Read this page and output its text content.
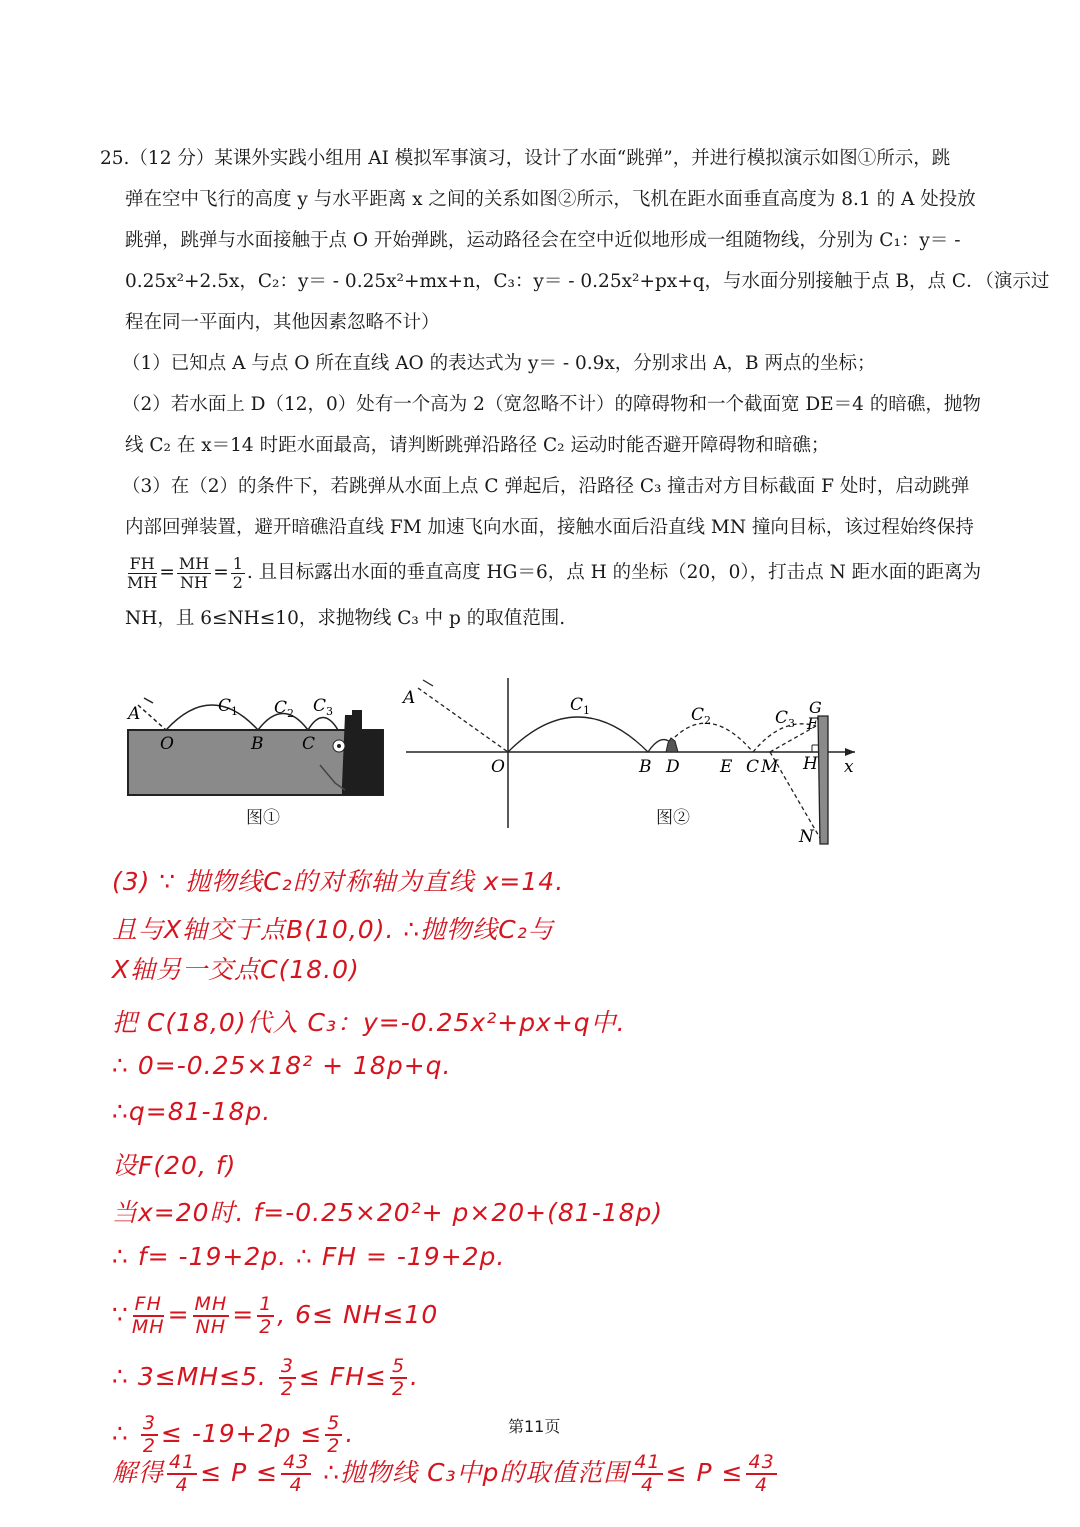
25.（12 分）某课外实践小组用 AI 模拟军事演习，设计了水面“跳弹”，并进行模拟演示如图①所示，跳
弹在空中飞行的高度 y 与水平距离 x 之间的关系如图②所示，飞机在距水面垂直高度为 8.1 的 A 处投放
跳弹，跳弹与水面接触于点 O 开始弹跳，运动路径会在空中近似地形成一组随物线，分别为 C₁：y＝ -
0.25x²+2.5x，C₂：y＝ - 0.25x²+mx+n，C₃：y＝ - 0.25x²+px+q，与水面分别接触于点 B，点 C．（演示过
程在同一平面内，其他因素忽略不计）
（1）已知点 A 与点 O 所在直线 AO 的表达式为 y＝ - 0.9x，分别求出 A，B 两点的坐标；
（2）若水面上 D（12，0）处有一个高为 2（宽忽略不计）的障碍物和一个截面宽 DE＝4 的暗礁，抛物
线 C₂ 在 x＝14 时距水面最高，请判断跳弹沿路径 C₂ 运动时能否避开障碍物和暗礁；
（3）在（2）的条件下，若跳弹从水面上点 C 弹起后，沿路径 C₃ 撞击对方目标截面 F 处时，启动跳弹
内部回弹装置，避开暗礁沿直线 FM 加速飞向水面，接触水面后沿直线 MN 撞向目标，该过程始终保持
$\frac{FH}{MH} = \frac{MH}{NH} = \frac{1}{2}$ . 且目标露出水面的垂直高度 HG＝6，点 H 的坐标（20，0），打击点 N 距水面的距离为
NH，且 6≤NH≤10，求抛物线 C₃ 中 p 的取值范围.
A
O	B C
$C_1$ $C_2$ $C_3$
图①
A
O	B D E C M H x
G
F
N
$C_1$	$C_2$	$C_3$
图②
(3) ∵ 抛物线C₂的对称轴为直线 x=14.
且与X轴交于点B(10,0). ∴抛物线C₂与
X轴另一交点C(18.0)
把 C(18,0)代入 C₃：y=-0.25x²+px+q中.
∴ 0=-0.25×18² + 18p+q.
∴q=81-18p.
设F(20, f)
当x=20时. f=-0.25×20²+ p×20+(81-18p)
∴ f= -19+2p. ∴ FH = -19+2p.
∵ $\frac{FH}{MH} = \frac{MH}{NH} = \frac{1}{2}$ , 6≤ NH≤10
∴ 3≤MH≤5. $\frac{3}{2} \le FH\le \frac{5}{2}$ .
∴ $\frac{3}{2} \le -19+2p \le \frac{5}{2}$ .
解得 $\frac{41}{4} \le P \le \frac{43}{4}$ ∴抛物线 C₃中p的取值范围 $\frac{41}{4} \le P \le \frac{43}{4}$
第11页
